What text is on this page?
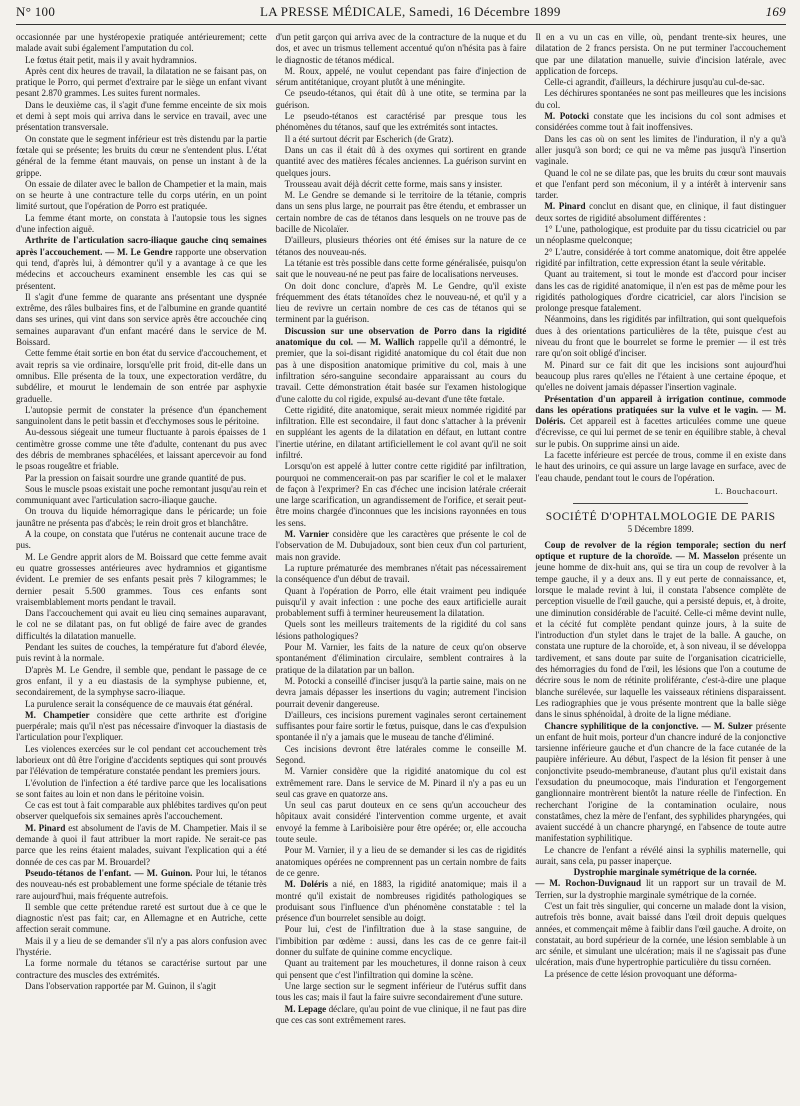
N° 100	LA PRESSE MÉDICALE, Samedi, 16 Décembre 1899	169

occasionnée par une hystéropexie pratiquée antérieurement; cette malade avait subi également l'amputation du col.

Le fœtus était petit, mais il y avait hydramnios.

Après cent dix heures de travail, la dilatation ne se faisant pas, on pratique le Porro, qui permet d'extraire par le siège un enfant vivant pesant 2.870 grammes. Les suites furent normales.

Dans le deuxième cas, il s'agit d'une femme enceinte de six mois et demi à sept mois qui arriva dans le service en travail, avec une présentation transversale.

On constate que le segment inférieur est très distendu par la partie fœtale qui se présente; les bruits du cœur ne s'entendent plus. L'état général de la femme étant mauvais, on pense un instant à de la grippe.

On essaie de dilater avec le ballon de Champetier et la main, mais on se heurte à une contracture telle du corps utérin, en un point limité surtout, que l'opération de Porro est pratiquée.

La femme étant morte, on constata à l'autopsie tous les signes d'une infection aiguë.

Arthrite de l'articulation sacro-iliaque gauche cinq semaines après l'accouchement. — M. Le Gendre rapporte une observation qui tend, d'après lui, à démontrer qu'il y a avantage à ce que les médecins et accoucheurs examinent ensemble les cas qui se présentent.

Il s'agit d'une femme de quarante ans présentant une dyspnée extrême, des râles bulbaires fins, et de l'albumine en grande quantité dans ses urines, qui vint dans son service après être accouchée cinq semaines auparavant d'un enfant macéré dans le service de M. Boissard.

Cette femme était sortie en bon état du service d'accouchement, et avait repris sa vie ordinaire, lorsqu'elle prit froid, dit-elle dans un omnibus. Elle présenta de la toux, une expectoration verdâtre, du subdélire, et mourut le lendemain de son entrée par asphyxie graduelle.

L'autopsie permit de constater la présence d'un épanchement sanguinolent dans le petit bassin et d'ecchymoses sous le péritoine.

Au-dessous siégeait une tumeur fluctuante à parois épaisses de 1 centimètre grosse comme une tête d'adulte, contenant du pus avec des débris de membranes sphacélées, et laissant apercevoir au fond le psoas rougeâtre et friable.

Par la pression on faisait sourdre une grande quantité de pus.

Sous le muscle psoas existait une poche remontant jusqu'au rein et communiquant avec l'articulation sacro-iliaque gauche.

On trouva du liquide hémorragique dans le péricarde; un foie jaunâtre ne présenta pas d'abcès; le rein droit gros et blanchâtre.

A la coupe, on constata que l'utérus ne contenait aucune trace de pus.

M. Le Gendre apprit alors de M. Boissard que cette femme avait eu quatre grossesses antérieures avec hydramnios et gigantisme évident. Le premier de ses enfants pesait près 7 kilogrammes; le dernier pesait 5.500 grammes. Tous ces enfants sont vraisemblablement morts pendant le travail.

Dans l'accouchement qui avait eu lieu cinq semaines auparavant, le col ne se dilatant pas, on fut obligé de faire avec de grandes difficultés la dilatation manuelle.

Pendant les suites de couches, la température fut d'abord élevée, puis revint à la normale.

D'après M. Le Gendre, il semble que, pendant le passage de ce gros enfant, il y a eu diastasis de la symphyse pubienne, et, secondairement, de la symphyse sacro-iliaque.

La purulence serait la conséquence de ce mauvais état général.

M. Champetier considère que cette arthrite est d'origine puerpérale; mais qu'il n'est pas nécessaire d'invoquer la diastasis de l'articulation pour l'expliquer.

Les violences exercées sur le col pendant cet accouchement très laborieux ont dû être l'origine d'accidents septiques qui sont prouvés par l'élévation de température constatée pendant les premiers jours.

L'évolution de l'infection a été tardive parce que les localisations se sont faites au loin et non dans le péritoine voisin.

Ce cas est tout à fait comparable aux phlébites tardives qu'on peut observer quelquefois six semaines après l'accouchement.

M. Pinard est absolument de l'avis de M. Champetier. Mais il se demande à quoi il faut attribuer la mort rapide. Ne serait-ce pas parce que les reins étaient malades, suivant l'explication qui a été donnée de ces cas par M. Brouardel?

Pseudo-tétanos de l'enfant. — M. Guinon. Pour lui, le tétanos des nouveau-nés est probablement une forme spéciale de tétanie très rare aujourd'hui, mais fréquente autrefois.

Il semble que cette prétendue rareté est surtout due à ce que le diagnostic n'est pas fait; car, en Allemagne et en Autriche, cette affection serait commune.

Mais il y a lieu de se demander s'il n'y a pas alors confusion avec l'hystérie.

La forme normale du tétanos se caractérise surtout par une contracture des muscles des extrémités.

Dans l'observation rapportée par M. Guinon, il s'agit

d'un petit garçon qui arriva avec de la contracture de la nuque et du dos, et avec un trismus tellement accentué qu'on n'hésita pas à faire le diagnostic de tétanos médical.

M. Roux, appelé, ne voulut cependant pas faire d'injection de sérum antitétanique, croyant plutôt à une méningite.

Ce pseudo-tétanos, qui était dû à une otite, se termina par la guérison.

Le pseudo-tétanos est caractérisé par presque tous les phénomènes du tétanos, sauf que les extrémités sont intactes.

Il a été surtout décrit par Escherich (de Gratz).

Dans un cas il était dû à des oxymes qui sortirent en grande quantité avec des matières fécales anciennes. La guérison survint en quelques jours.

Trousseau avait déjà décrit cette forme, mais sans y insister.

M. Le Gendre se demande si le territoire de la tétanie, compris dans un sens plus large, ne pourrait pas être étendu, et embrasser un certain nombre de cas de tétanos dans lesquels on ne trouve pas de bacille de Nicolaïer.

D'ailleurs, plusieurs théories ont été émises sur la nature de ce tétanos des nouveau-nés.

La tétanie est très possible dans cette forme généralisée, puisqu'on sait que le nouveau-né ne peut pas faire de localisations nerveuses.

On doit donc conclure, d'après M. Le Gendre, qu'il existe fréquemment des états tétanoïdes chez le nouveau-né, et qu'il y a lieu de revivre un certain nombre de ces cas de tétanos qui se terminent par la guérison.

Discussion sur une observation de Porro dans la rigidité anatomique du col. — M. Wallich rappelle qu'il a démontré, le premier, que la soi-disant rigidité anatomique du col était due non pas à une disposition anatomique primitive du col, mais à une infiltration séro-sanguine secondaire apparaissant au cours du travail. Cette démonstration était basée sur l'examen histologique d'une calotte du col rigide, expulsé au-devant d'une tête fœtale.

Cette rigidité, dite anatomique, serait mieux nommée rigidité par infiltration. Elle est secondaire, il faut donc s'attacher à la prévenir en suppléant les agents de la dilatation en défaut, en luttant contre l'inertie utérine, en dilatant artificiellement le col avant qu'il ne soit infiltré.

Lorsqu'on est appelé à lutter contre cette rigidité par infiltration, pourquoi ne commencerait-on pas par scarifier le col et le malaxer de façon à l'exprimer? En cas d'échec une incision latérale créerait une large scarification, un agrandissement de l'orifice, et serait peut-être moins chargée d'inconnues que les incisions rayonnées en tous les sens.

M. Varnier considère que les caractères que présente le col de l'observation de M. Dubujadoux, sont bien ceux d'un col parturient, mais non gravide.

La rupture prématurée des membranes n'était pas nécessairement la conséquence d'un début de travail.

Quant à l'opération de Porro, elle était vraiment peu indiquée puisqu'il y avait infection : une poche des eaux artificielle aurait probablement suffi à terminer heureusement la dilatation.

Quels sont les meilleurs traitements de la rigidité du col sans lésions pathologiques?

Pour M. Varnier, les faits de la nature de ceux qu'on observe spontanément d'élimination circulaire, semblent contraires à la pratique de la dilatation par un ballon.

M. Potocki a conseillé d'inciser jusqu'à la partie saine, mais on ne devra jamais dépasser les insertions du vagin; autrement l'incision pourrait devenir dangereuse.

D'ailleurs, ces incisions purement vaginales seront certainement suffisantes pour faire sortir le fœtus, puisque, dans le cas d'expulsion spontanée il n'y a jamais que le museau de tanche d'éliminé.

Ces incisions devront être latérales comme le conseille M. Segond.

M. Varnier considère que la rigidité anatomique du col est extrêmement rare. Dans le service de M. Pinard il n'y a pas eu un seul cas grave en quatorze ans.

Un seul cas parut douteux en ce sens qu'un accoucheur des hôpitaux avait considéré l'intervention comme urgente, et avait envoyé la femme à Lariboisière pour être opérée; or, elle accoucha toute seule.

Pour M. Varnier, il y a lieu de se demander si les cas de rigidités anatomiques opérées ne comprennent pas un certain nombre de faits de ce genre.

M. Doléris a nié, en 1883, la rigidité anatomique; mais il a montré qu'il existait de nombreuses rigidités pathologiques se produisant sous l'influence d'un phénomène constatable : tel la présence d'un bourrelet sensible au doigt.

Pour lui, c'est de l'infiltration due à la stase sanguine, de l'imbibition par œdème : aussi, dans les cas de ce genre fait-il donner du sulfate de quinine comme encyclique.

Quant au traitement par les mouchetures, il donne raison à ceux qui pensent que c'est l'infiltration qui domine la scène.

Une large section sur le segment inférieur de l'utérus suffit dans tous les cas; mais il faut la faire suivre secondairement d'une suture.

M. Lepage déclare, qu'au point de vue clinique, il ne faut pas dire que ces cas sont extrêmement rares.

Il en a vu un cas en ville, où, pendant trente-six heures, une dilatation de 2 francs persista. On ne put terminer l'accouchement que par une dilatation manuelle, suivie d'incision latérale, avec application de forceps.

Celle-ci agrandit, d'ailleurs, la déchirure jusqu'au cul-de-sac.

Les déchirures spontanées ne sont pas meilleures que les incisions du col.

M. Potocki constate que les incisions du col sont admises et considérées comme tout à fait inoffensives.

Dans les cas où on sent les limites de l'induration, il n'y a qu'à aller jusqu'à son bord; ce qui ne va même pas jusqu'à l'insertion vaginale.

Quand le col ne se dilate pas, que les bruits du cœur sont mauvais et que l'enfant perd son méconium, il y a intérêt à intervenir sans tarder.

M. Pinard conclut en disant que, en clinique, il faut distinguer deux sortes de rigidité absolument différentes :

1° L'une, pathologique, est produite par du tissu cicatriciel ou par un néoplasme quelconque;

2° L'autre, considérée à tort comme anatomique, doit être appelée rigidité par infiltration, cette expression étant la seule véritable.

Quant au traitement, si tout le monde est d'accord pour inciser dans les cas de rigidité anatomique, il n'en est pas de même pour les rigidités pathologiques d'ordre cicatriciel, car alors l'incision se prolonge presque fatalement.

Néanmoins, dans les rigidités par infiltration, qui sont quelquefois dues à des orientations particulières de la tête, puisque c'est au niveau du front que le bourrelet se forme le premier — il est très rare qu'on soit obligé d'inciser.

M. Pinard sur ce fait dit que les incisions sont aujourd'hui beaucoup plus rares qu'elles ne l'étaient à une certaine époque, et qu'elles ne doivent jamais dépasser l'insertion vaginale.

Présentation d'un appareil à irrigation continue, commode dans les opérations pratiquées sur la vulve et le vagin. — M. Doléris. Cet appareil est à facettes articulées comme une queue d'écrevisse, ce qui lui permet de se tenir en équilibre stable, à cheval sur le pubis. On supprime ainsi un aide.

La facette inférieure est percée de trous, comme il en existe dans le haut des urinoirs, ce qui assure un large lavage en surface, avec de l'eau chaude, pendant tout le cours de l'opération.

L. Bouchacourt.
SOCIÉTÉ D'OPHTALMOLOGIE DE PARIS
5 Décembre 1899.

Coup de revolver de la région temporale; section du nerf optique et rupture de la choroïde. — M. Masselon présente un jeune homme de dix-huit ans, qui se tira un coup de revolver à la tempe gauche, il y a deux ans. Il y eut perte de connaissance, et, lorsque le malade revint à lui, il constata l'absence complète de perception visuelle de l'œil gauche, qui a persisté depuis, et, à droite, une diminution considérable de l'acuité. Celle-ci même devint nulle, et la cécité fut complète pendant quinze jours, à la suite de l'introduction d'un stylet dans le trajet de la balle. A gauche, on constata une rupture de la choroïde, et, à son niveau, il se développa tardivement, et sans doute par suite de l'organisation cicatricielle, des hémorragies du fond de l'œil, les lésions que l'on a coutume de décrire sous le nom de rétinite proliférante, c'est-à-dire une plaque blanche surélevée, sur laquelle les vaisseaux rétiniens disparaissent. Les radiographies que je vous présente montrent que la balle siège dans le sinus sphénoïdal, à droite de la ligne médiane.

Chancre syphilitique de la conjonctive. — M. Sulzer présente un enfant de huit mois, porteur d'un chancre induré de la conjonctive tarsienne inférieure gauche et d'un chancre de la face cutanée de la paupière inférieure. Au début, l'aspect de la lésion fit penser à une conjonctivite pseudo-membraneuse, d'autant plus qu'il existait dans l'exsudation du pneumocoque, mais l'induration et l'engorgement ganglionnaire montrèrent bientôt la nature réelle de l'infection. En recherchant l'origine de la contamination oculaire, nous constatâmes, chez la mère de l'enfant, des syphilides pharyngées, qui avaient succédé à un chancre pharyngé, en l'absence de toute autre manifestation syphilitique.

Le chancre de l'enfant a révélé ainsi la syphilis maternelle, qui aurait, sans cela, pu passer inaperçue.

Dystrophie marginale symétrique de la cornée.

— M. Rochon-Duvignaud lit un rapport sur un travail de M. Terrien, sur la dystrophie marginale symétrique de la cornée.

C'est un fait très singulier, qui concerne un malade dont la vision, autrefois très bonne, avait baissé dans l'œil droit depuis quelques années, et commençait même à faiblir dans l'œil gauche. A droite, on constatait, au bord supérieur de la cornée, une lésion semblable à un arc sénile, et simulant une ulcération; mais il ne s'agissait pas d'une ulcération, mais d'une hypertrophie particulière du tissu cornéen.

La présence de cette lésion provoquant une déforma-
